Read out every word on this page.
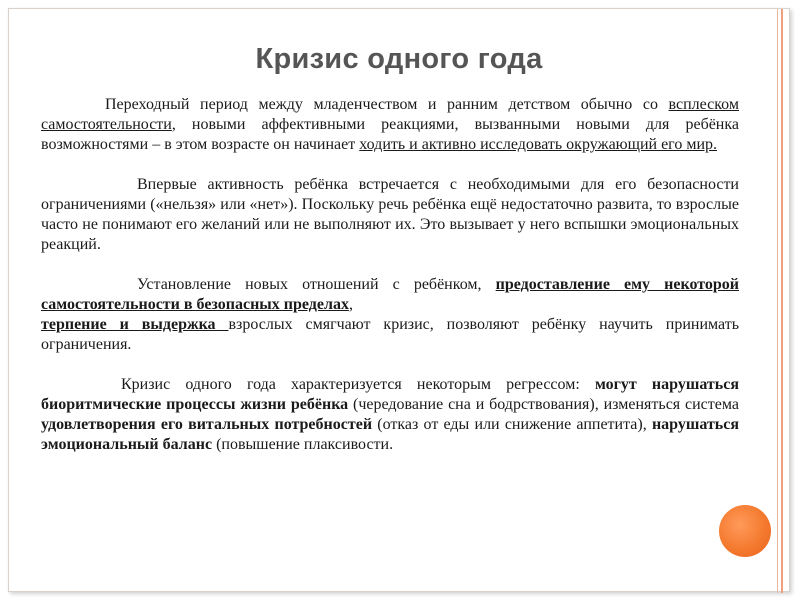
Кризис одного года

Переходный период между младенчеством и ранним детством обычно со всплеском самостоятельности, новыми аффективными реакциями, вызванными новыми для ребёнка возможностями – в этом возрасте он начинает ходить и активно исследовать окружающий его мир.

Впервые активность ребёнка встречается с необходимыми для его безопасности ограничениями («нельзя» или «нет»). Поскольку речь ребёнка ещё недостаточно развита, то взрослые часто не понимают его желаний или не выполняют их. Это вызывает у него вспышки эмоциональных реакций.

Установление новых отношений с ребёнком, предоставление ему некоторой самостоятельности в безопасных пределах,
терпение и выдержка взрослых смягчают кризис, позволяют ребёнку научить принимать ограничения.

Кризис одного года характеризуется некоторым регрессом: могут нарушаться биоритмические процессы жизни ребёнка (чередование сна и бодрствования), изменяться система удовлетворения его витальных потребностей (отказ от еды или снижение аппетита), нарушаться эмоциональный баланс (повышение плаксивости.
